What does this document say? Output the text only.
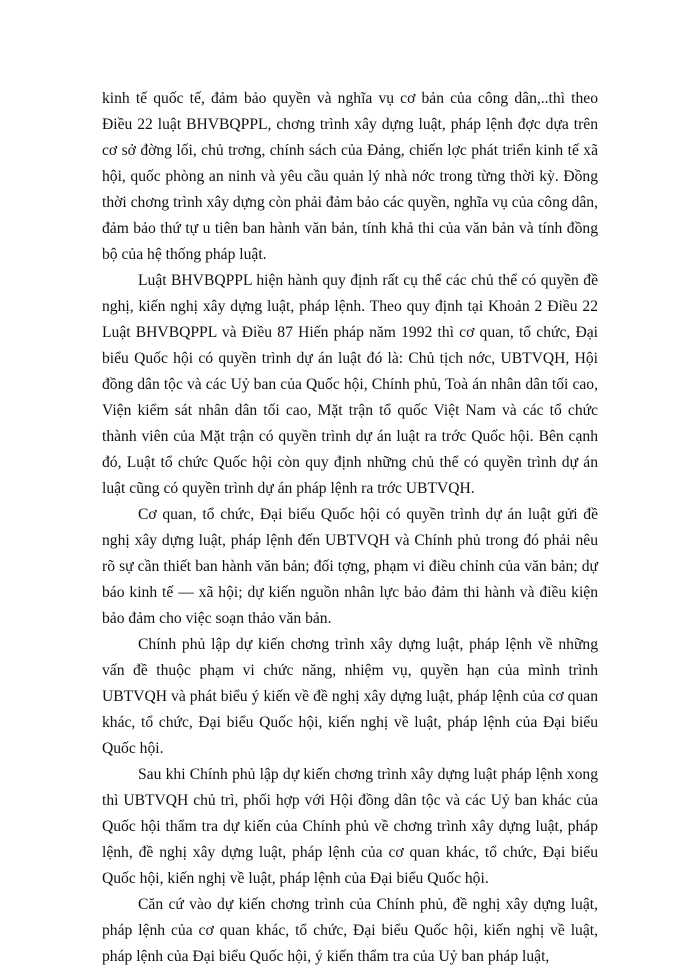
kinh tế quốc tế, đảm bảo quyền và nghĩa vụ cơ bản của công dân,..thì theo Điều 22 luật BHVBQPPL, chơng trình xây dựng luật, pháp lệnh đợc dựa trên cơ sở đờng lối, chủ trơng, chính sách của Đảng, chiến lợc phát triển kinh tế xã hội, quốc phòng an ninh và yêu cầu quản lý nhà nớc trong từng thời kỳ. Đồng thời chơng trình xây dựng còn phải đảm bảo các quyền, nghĩa vụ của công dân, đảm bảo thứ tự u tiên ban hành văn bản, tính khả thi của văn bản và tính đồng bộ của hệ thống pháp luật.

Luật BHVBQPPL hiện hành quy định rất cụ thể các chủ thể có quyền đề nghị, kiến nghị xây dựng luật, pháp lệnh. Theo quy định tại Khoản 2 Điều 22 Luật BHVBQPPL và Điều 87 Hiến pháp năm 1992 thì cơ quan, tổ chức, Đại biểu Quốc hội có quyền trình dự án luật đó là: Chủ tịch nớc, UBTVQH, Hội đồng dân tộc và các Uỷ ban của Quốc hội, Chính phủ, Toà án nhân dân tối cao, Viện kiểm sát nhân dân tối cao, Mặt trận tổ quốc Việt Nam và các tổ chức thành viên của Mặt trận có quyền trình dự án luật ra trớc Quốc hội. Bên cạnh đó, Luật tổ chức Quốc hội còn quy định những chủ thể có quyền trình dự án luật cũng có quyền trình dự án pháp lệnh ra trớc UBTVQH.

Cơ quan, tổ chức, Đại biểu Quốc hội có quyền trình dự án luật gửi đề nghị xây dựng luật, pháp lệnh đến UBTVQH và Chính phủ trong đó phải nêu rõ sự cần thiết ban hành văn bản; đối tợng, phạm vi điều chỉnh của văn bản; dự báo kinh tế — xã hội; dự kiến nguồn nhân lực bảo đảm thi hành và điều kiện bảo đảm cho việc soạn thảo văn bản.

Chính phủ lập dự kiến chơng trình xây dựng luật, pháp lệnh về những vấn đề thuộc phạm vi chức năng, nhiệm vụ, quyền hạn của mình trình UBTVQH và phát biểu ý kiến về đề nghị xây dựng luật, pháp lệnh của cơ quan khác, tổ chức, Đại biểu Quốc hội, kiến nghị về luật, pháp lệnh của Đại biểu Quốc hội.

Sau khi Chính phủ lập dự kiến chơng trình xây dựng luật pháp lệnh xong thì UBTVQH chủ trì, phối hợp với Hội đồng dân tộc và các Uỷ ban khác của Quốc hội thẩm tra dự kiến của Chính phủ về chơng trình xây dựng luật, pháp lệnh, đề nghị xây dựng luật, pháp lệnh của cơ quan khác, tổ chức, Đại biểu Quốc hội, kiến nghị về luật, pháp lệnh của Đại biểu Quốc hội.

Căn cứ vào dự kiến chơng trình của Chính phủ, đề nghị xây dựng luật, pháp lệnh của cơ quan khác, tổ chức, Đại biểu Quốc hội, kiến nghị về luật, pháp lệnh của Đại biểu Quốc hội, ý kiến thẩm tra của Uỷ ban pháp luật,
